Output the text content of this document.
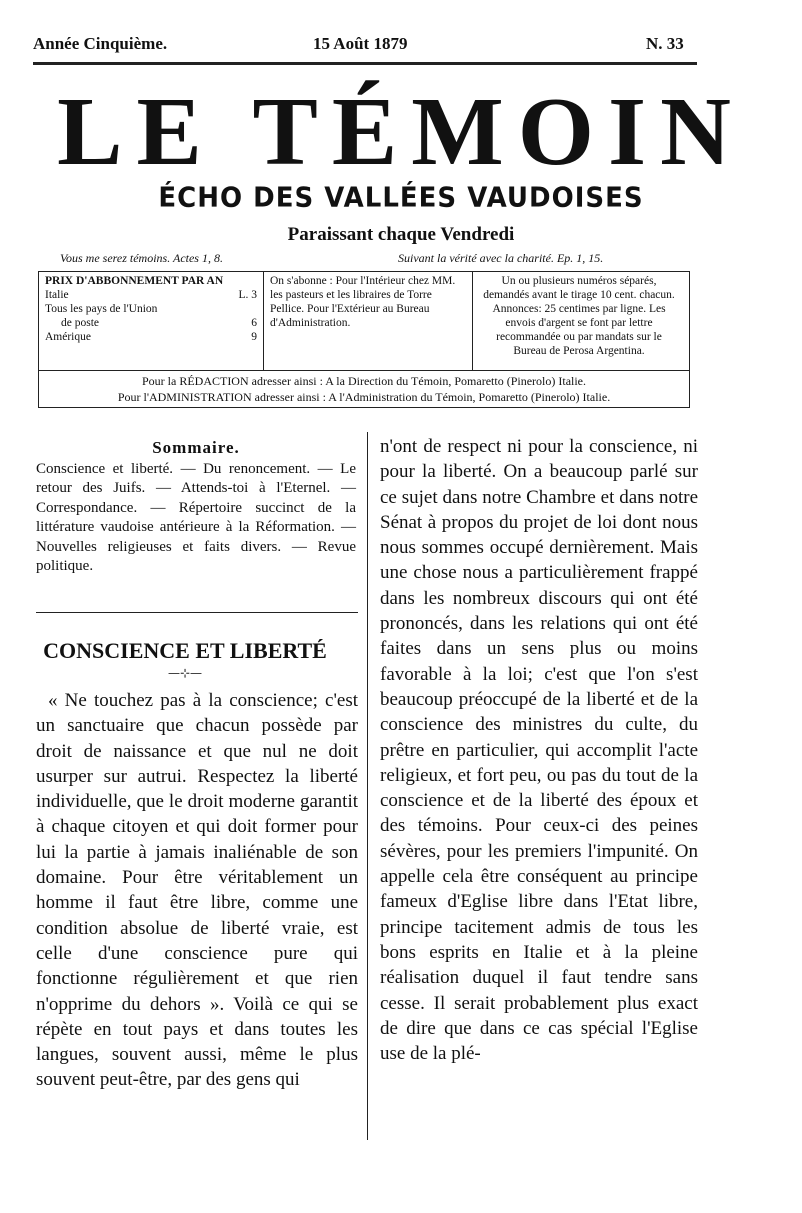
Année Cinquième.	15 Août 1879	N. 33
LE TÉMOIN
ÉCHO DES VALLÉES VAUDOISES
Paraissant chaque Vendredi
Vous me serez témoins. Actes 1, 8.	Suivant la vérité avec la charité. Ep. 1, 15.
PRIX D'ABBONNEMENT PAR AN
Italie	L. 3
Tous les pays de l'Union
de poste	6
Amérique	9
On s'abonne : Pour l'Intérieur chez MM. les pasteurs et les libraires de Torre Pellice. Pour l'Extérieur au Bureau d'Administration.
Un ou plusieurs numéros séparés, demandés avant le tirage 10 cent. chacun. Annonces: 25 centimes par ligne. Les envois d'argent se font par lettre recommandée ou par mandats sur le Bureau de Perosa Argentina.
Pour la RÉDACTION adresser ainsi : A la Direction du Témoin, Pomaretto (Pinerolo) Italie.
Pour l'ADMINISTRATION adresser ainsi : A l'Administration du Témoin, Pomaretto (Pinerolo) Italie.
Sommaire.
Conscience et liberté. — Du renoncement. — Le retour des Juifs. — Attends-toi à l'Eternel. — Correspondance. — Répertoire succinct de la littérature vaudoise antérieure à la Réformation. — Nouvelles religieuses et faits divers. — Revue politique.
CONSCIENCE ET LIBERTÉ
—⊹—

« Ne touchez pas à la conscience; c'est un sanctuaire que chacun possède par droit de naissance et que nul ne doit usurper sur autrui. Respectez la liberté individuelle, que le droit moderne garantit à chaque citoyen et qui doit former pour lui la partie à jamais inaliénable de son domaine. Pour être véritablement un homme il faut être libre, comme une condition absolue de liberté vraie, est celle d'une conscience pure qui fonctionne régulièrement et que rien n'opprime du dehors ». Voilà ce qui se répète en tout pays et dans toutes les langues, souvent aussi, même le plus souvent peut-être, par des gens qui

n'ont de respect ni pour la conscience, ni pour la liberté. On a beaucoup parlé sur ce sujet dans notre Chambre et dans notre Sénat à propos du projet de loi dont nous nous sommes occupé dernièrement. Mais une chose nous a particulièrement frappé dans les nombreux discours qui ont été prononcés, dans les relations qui ont été faites dans un sens plus ou moins favorable à la loi; c'est que l'on s'est beaucoup préoccupé de la liberté et de la conscience des ministres du culte, du prêtre en particulier, qui accomplit l'acte religieux, et fort peu, ou pas du tout de la conscience et de la liberté des époux et des témoins. Pour ceux-ci des peines sévères, pour les premiers l'impunité. On appelle cela être conséquent au principe fameux d'Eglise libre dans l'Etat libre, principe tacitement admis de tous les bons esprits en Italie et à la pleine réalisation duquel il faut tendre sans cesse. Il serait probablement plus exact de dire que dans ce cas spécial l'Eglise use de la plé-
